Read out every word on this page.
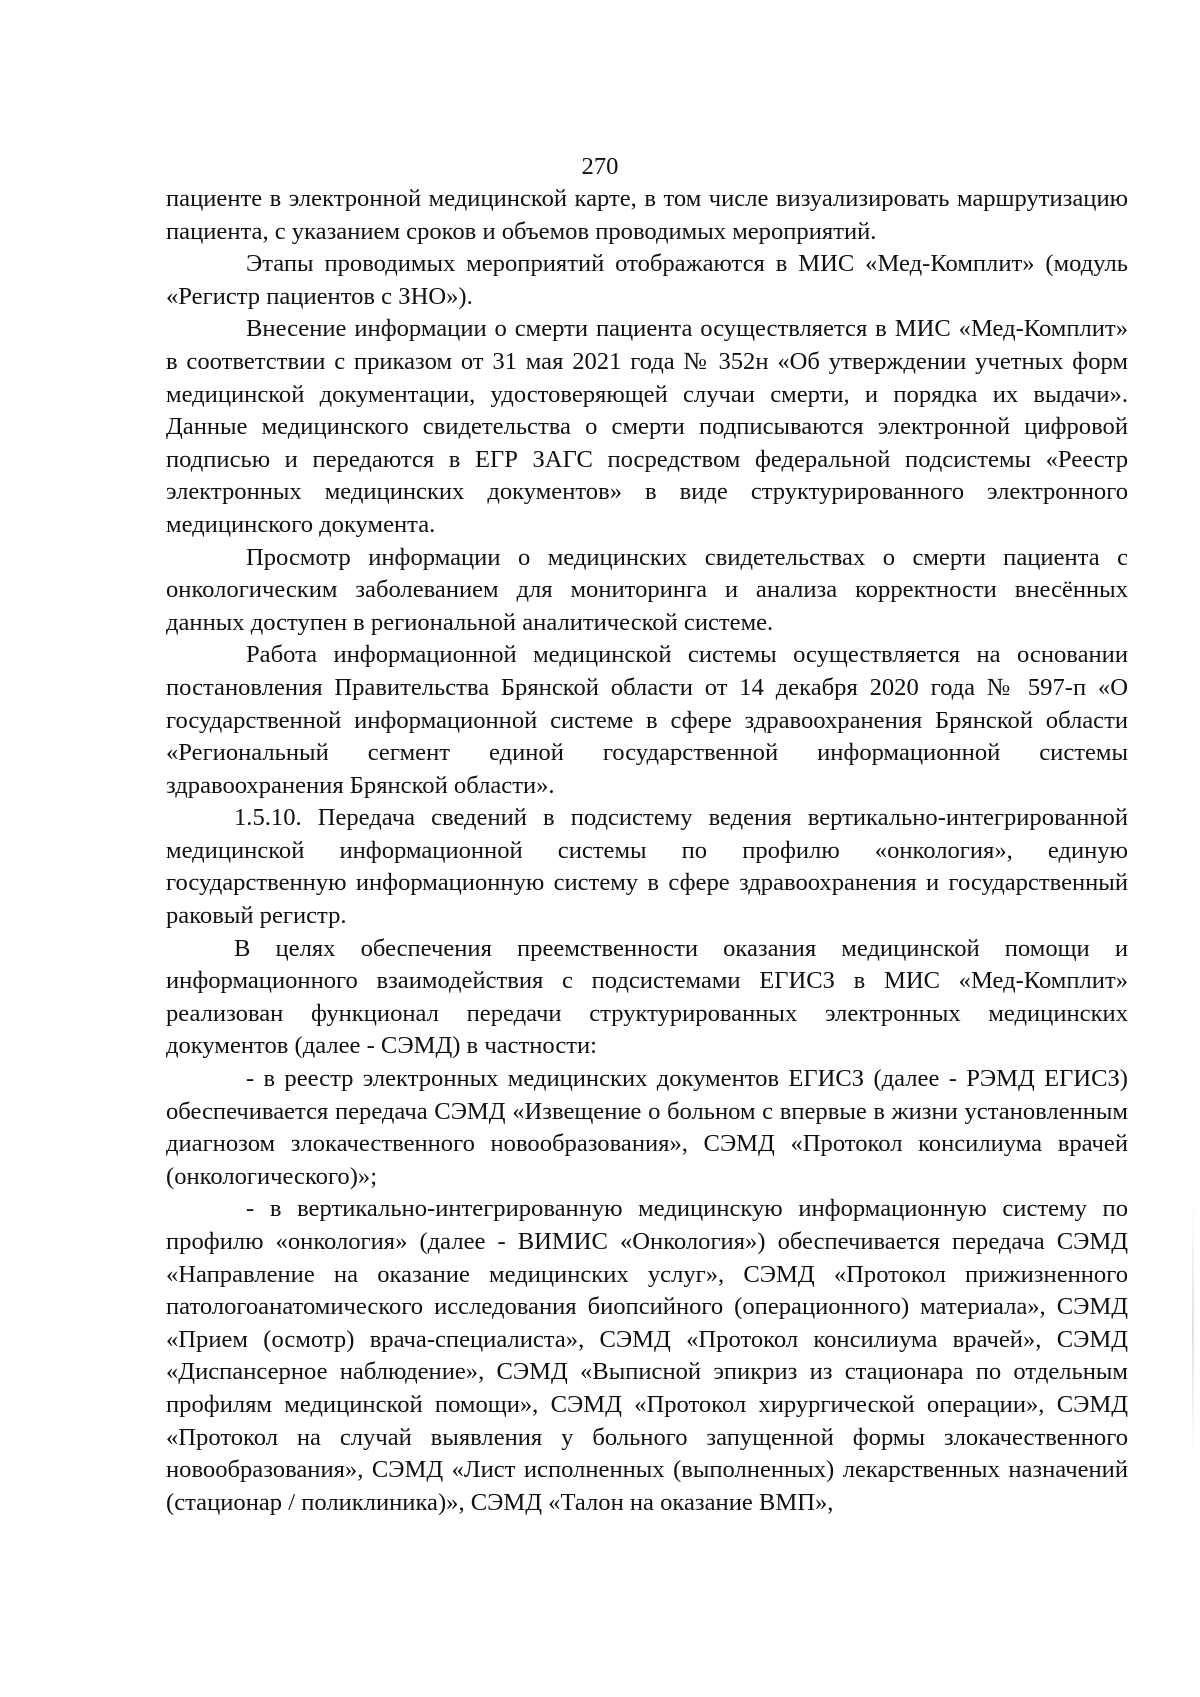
270

пациенте в электронной медицинской карте, в том числе визуализировать маршрутизацию пациента, с указанием сроков и объемов проводимых мероприятий.

Этапы проводимых мероприятий отображаются в МИС «Мед-Комплит» (модуль «Регистр пациентов с ЗНО»).

Внесение информации о смерти пациента осуществляется в МИС «Мед-Комплит» в соответствии с приказом от 31 мая 2021 года № 352н «Об утверждении учетных форм медицинской документации, удостоверяющей случаи смерти, и порядка их выдачи». Данные медицинского свидетельства о смерти подписываются электронной цифровой подписью и передаются в ЕГР ЗАГС посредством федеральной подсистемы «Реестр электронных медицинских документов» в виде структурированного электронного медицинского документа.

Просмотр информации о медицинских свидетельствах о смерти пациента с онкологическим заболеванием для мониторинга и анализа корректности внесённых данных доступен в региональной аналитической системе.

Работа информационной медицинской системы осуществляется на основании постановления Правительства Брянской области от 14 декабря 2020 года № 597-п «О государственной информационной системе в сфере здравоохранения Брянской области «Региональный сегмент единой государственной информационной системы здравоохранения Брянской области».

1.5.10. Передача сведений в подсистему ведения вертикально-интегрированной медицинской информационной системы по профилю «онкология», единую государственную информационную систему в сфере здравоохранения и государственный раковый регистр.

В целях обеспечения преемственности оказания медицинской помощи и информационного взаимодействия с подсистемами ЕГИСЗ в МИС «Мед-Комплит» реализован функционал передачи структурированных электронных медицинских документов (далее - СЭМД) в частности:

- в реестр электронных медицинских документов ЕГИСЗ (далее - РЭМД ЕГИСЗ) обеспечивается передача СЭМД «Извещение о больном с впервые в жизни установленным диагнозом злокачественного новообразования», СЭМД «Протокол консилиума врачей (онкологического)»;

- в вертикально-интегрированную медицинскую информационную систему по профилю «онкология» (далее - ВИМИС «Онкология») обеспечивается передача СЭМД «Направление на оказание медицинских услуг», СЭМД «Протокол прижизненного патологоанатомического исследования биопсийного (операционного) материала», СЭМД «Прием (осмотр) врача-специалиста», СЭМД «Протокол консилиума врачей», СЭМД «Диспансерное наблюдение», СЭМД «Выписной эпикриз из стационара по отдельным профилям медицинской помощи», СЭМД «Протокол хирургической операции», СЭМД «Протокол на случай выявления у больного запущенной формы злокачественного новообразования», СЭМД «Лист исполненных (выполненных) лекарственных назначений (стационар / поликлиника)», СЭМД «Талон на оказание ВМП»,
